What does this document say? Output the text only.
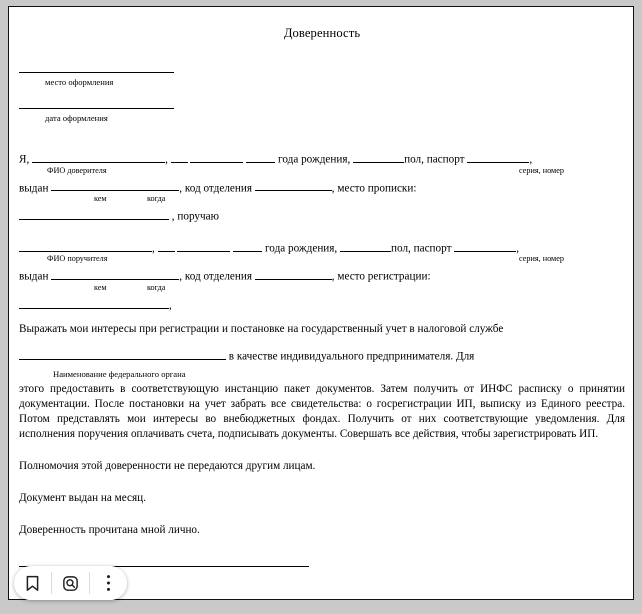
Доверенность
место оформления
дата оформления
Я,	,	года рождения,	пол, паспорт	,
ФИО доверителя	серия, номер
выдан	, код отделения	, место прописки:
кем	когда
, поручаю
,	года рождения,	пол, паспорт	,
ФИО поручителя	серия, номер
выдан	, код отделения	, место регистрации:
кем	когда
,

Выражать мои интересы при регистрации и постановке на государственный учет в налоговой службе

в качестве индивидуального предпринимателя. Для
Наименование федерального органа

этого предоставить в соответствующую инстанцию пакет документов. Затем получить от ИНФС расписку о принятии документации. После постановки на учет забрать все свидетельства: о госрегистрации ИП, выписку из Единого реестра. Потом представлять мои интересы во внебюджетных фондах. Получить от них соответствующие уведомления. Для исполнения поручения оплачивать счета, подписывать документы. Совершать все действия, чтобы зарегистрировать ИП.

Полномочия этой доверенности не передаются другим лицам.

Документ выдан на месяц.

Доверенность прочитана мной лично.
